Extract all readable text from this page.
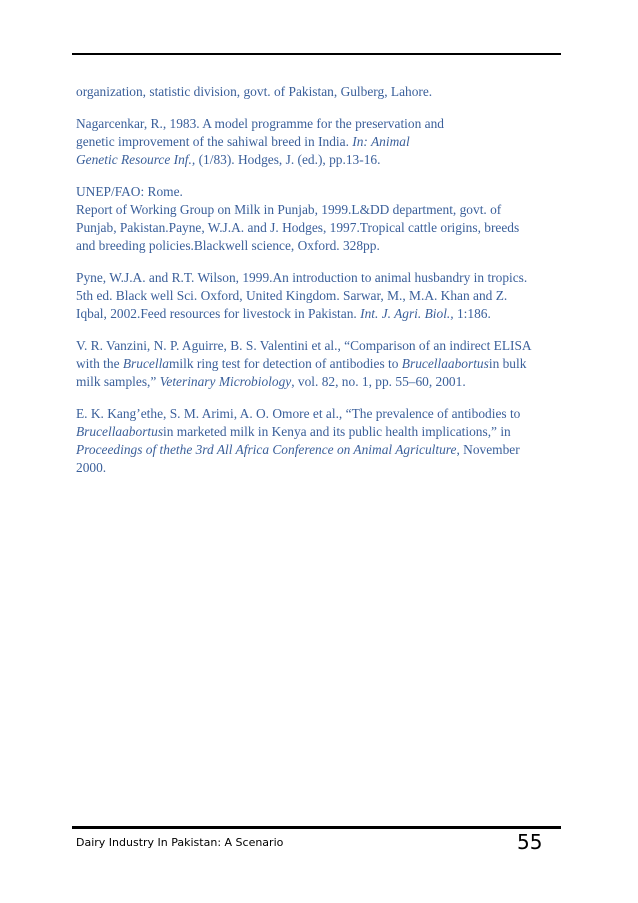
organization, statistic division, govt. of Pakistan, Gulberg, Lahore.
Nagarcenkar, R., 1983. A model programme for the preservation and
genetic improvement of the sahiwal breed in India. In: Animal
Genetic Resource Inf., (1/83). Hodges, J. (ed.), pp.13-16.
UNEP/FAO: Rome.
Report of Working Group on Milk in Punjab, 1999.L&DD department, govt. of
Punjab, Pakistan.Payne, W.J.A. and J. Hodges, 1997.Tropical cattle origins, breeds
and breeding policies.Blackwell science, Oxford. 328pp.
Pyne, W.J.A. and R.T. Wilson, 1999.An introduction to animal husbandry in tropics.
5th ed. Black well Sci. Oxford, United Kingdom. Sarwar, M., M.A. Khan and Z.
Iqbal, 2002.Feed resources for livestock in Pakistan. Int. J. Agri. Biol., 1:186.
V. R. Vanzini, N. P. Aguirre, B. S. Valentini et al., “Comparison of an indirect ELISA
with the Brucellamilk ring test for detection of antibodies to Brucellaabortusin bulk
milk samples,” Veterinary Microbiology, vol. 82, no. 1, pp. 55–60, 2001.
E. K. Kang’ethe, S. M. Arimi, A. O. Omore et al., “The prevalence of antibodies to
Brucellaabortusin marketed milk in Kenya and its public health implications,” in
Proceedings of thethe 3rd All Africa Conference on Animal Agriculture, November
2000.
Dairy Industry In Pakistan: A Scenario	55
